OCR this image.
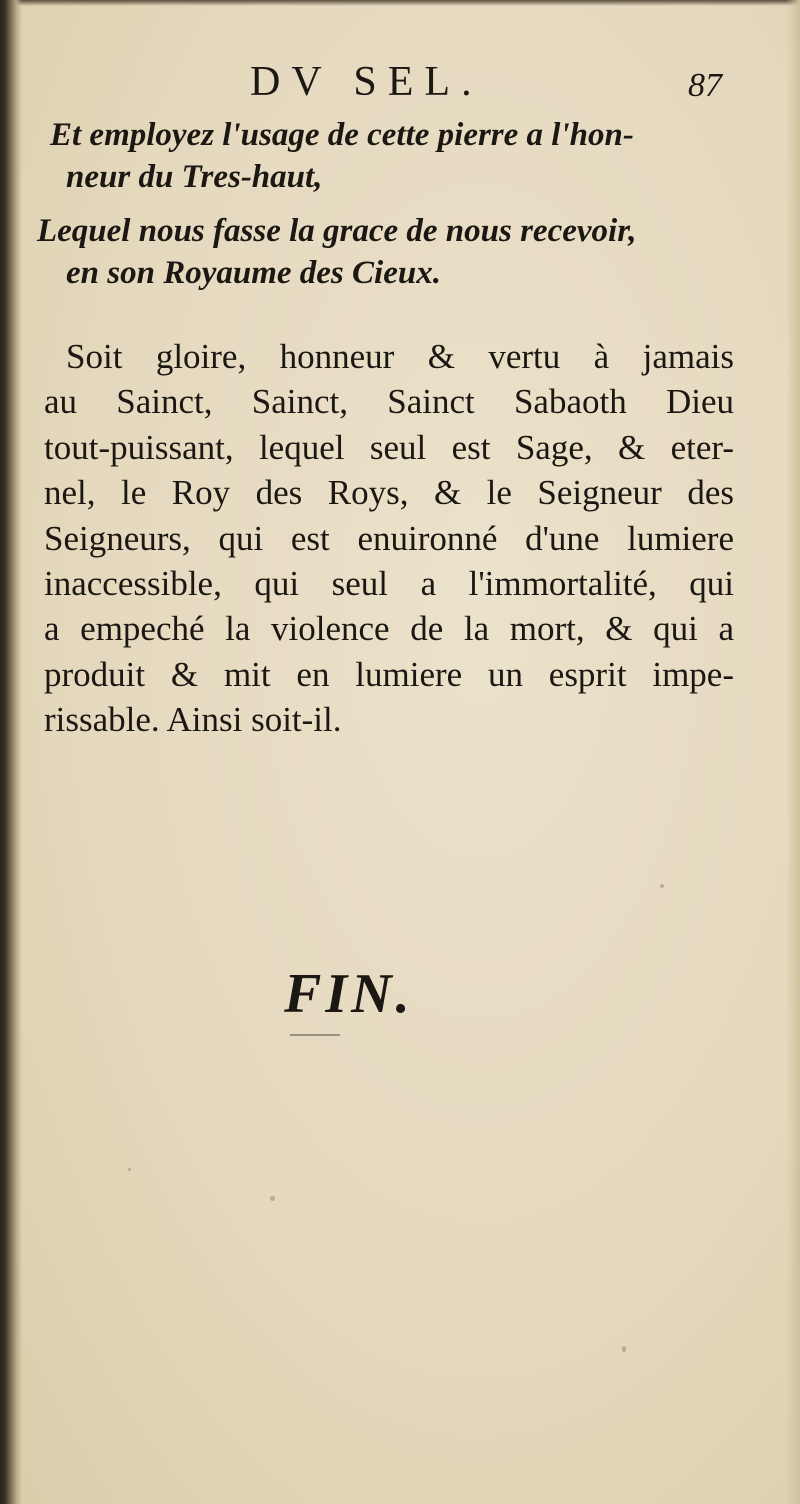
DV SEL.	87
Et employez l'usage de cette pierre a l'hon-
neur du Tres-haut,
Lequel nous fasse la grace de nous recevoir,
en son Royaume des Cieux.
Soit gloire, honneur & vertu à jamais
au Sainct, Sainct, Sainct Sabaoth Dieu
tout-puissant, lequel seul est Sage, & eter-
nel, le Roy des Roys, & le Seigneur des
Seigneurs, qui est enuironné d'une lumiere
inaccessible, qui seul a l'immortalité, qui
a empeché la violence de la mort, & qui a
produit & mit en lumiere un esprit impe-
rissable. Ainsi soit-il.
FIN.
